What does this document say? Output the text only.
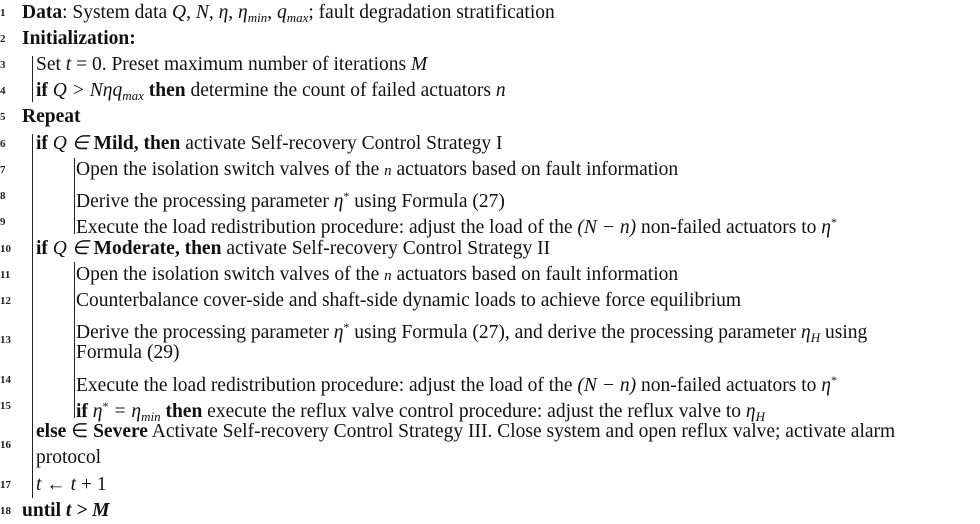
1 Data: System data Q, N, η, $\eta_{min}$, $q_{max}$; fault degradation stratification
2 Initialization:
3	Set t = 0. Preset maximum number of iterations M
4	if Q > Nηq$_{max}$ then determine the count of failed actuators n
5 Repeat
6	if Q ∈ Mild, then activate Self-recovery Control Strategy I
7	Open the isolation switch valves of the n actuators based on fault information
8	Derive the processing parameter η* using Formula (27)
9	Execute the load redistribution procedure: adjust the load of the (N − n) non-failed actuators to η*
10	if Q ∈ Moderate, then activate Self-recovery Control Strategy II
11	Open the isolation switch valves of the n actuators based on fault information
12	Counterbalance cover-side and shaft-side dynamic loads to achieve force equilibrium
13	Derive the processing parameter η* using Formula (27), and derive the processing parameter $\eta_H$ using
Formula (29)
14	Execute the load redistribution procedure: adjust the load of the (N − n) non-failed actuators to η*
15	if $\eta^* = \eta_{min}$ then execute the reflux valve control procedure: adjust the reflux valve to $\eta_H$
16
else ∈ Severe Activate Self-recovery Control Strategy III. Close system and open reflux valve; activate alarm
protocol
17	t ← t + 1
18 until t > M
